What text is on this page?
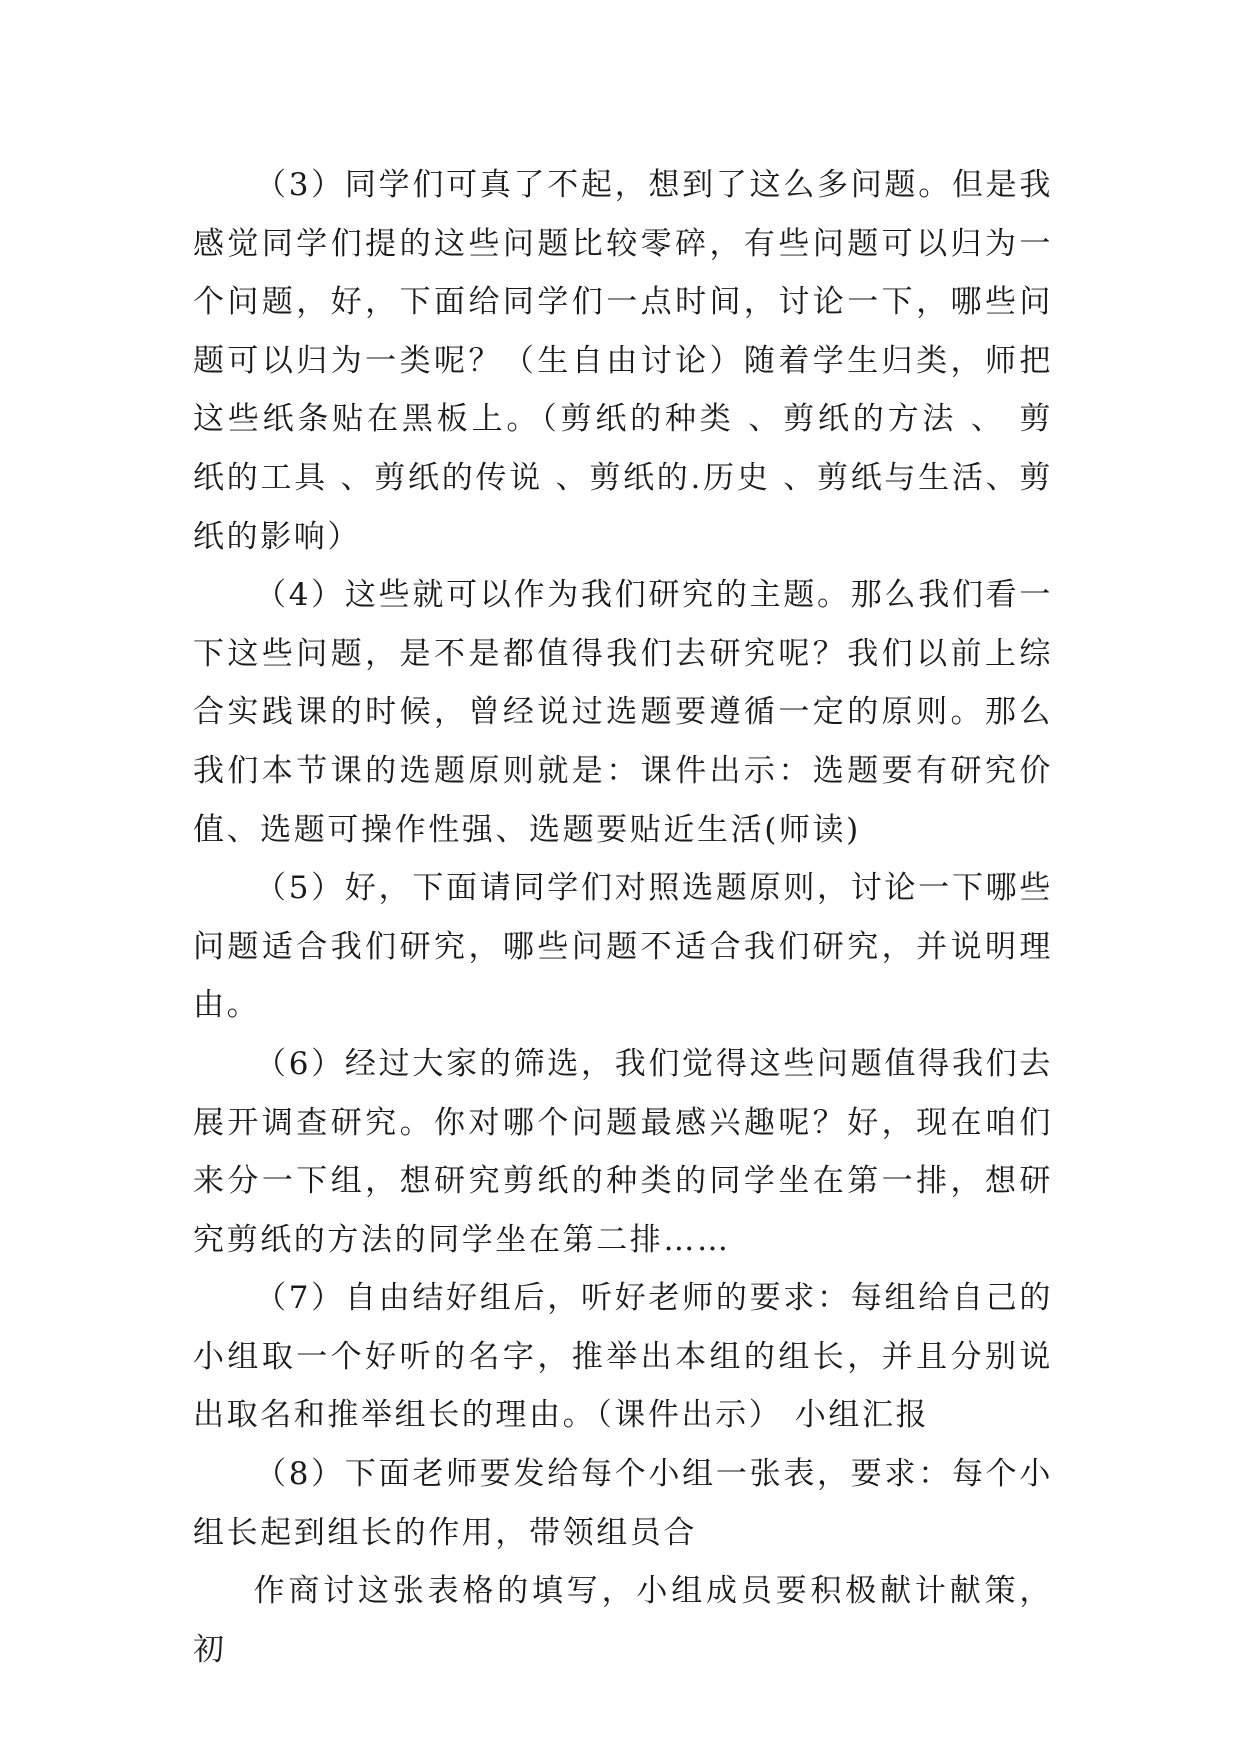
（3）同学们可真了不起，想到了这么多问题。但是我感觉同学们提的这些问题比较零碎，有些问题可以归为一个问题，好，下面给同学们一点时间，讨论一下，哪些问题可以归为一类呢？（生自由讨论）随着学生归类，师把这些纸条贴在黑板上。（剪纸的种类 、剪纸的方法 、 剪纸的工具 、剪纸的传说 、剪纸的.历史 、剪纸与生活、剪纸的影响）

（4）这些就可以作为我们研究的主题。那么我们看一下这些问题，是不是都值得我们去研究呢？我们以前上综合实践课的时候，曾经说过选题要遵循一定的原则。那么我们本节课的选题原则就是：课件出示：选题要有研究价值、选题可操作性强、选题要贴近生活(师读)

（5）好，下面请同学们对照选题原则，讨论一下哪些问题适合我们研究，哪些问题不适合我们研究，并说明理由。

（6）经过大家的筛选，我们觉得这些问题值得我们去展开调查研究。你对哪个问题最感兴趣呢？好，现在咱们来分一下组，想研究剪纸的种类的同学坐在第一排，想研究剪纸的方法的同学坐在第二排……

（7）自由结好组后，听好老师的要求：每组给自己的小组取一个好听的名字，推举出本组的组长，并且分别说出取名和推举组长的理由。（课件出示） 小组汇报

（8）下面老师要发给每个小组一张表，要求：每个小组长起到组长的作用，带领组员合

作商讨这张表格的填写，小组成员要积极献计献策，初
